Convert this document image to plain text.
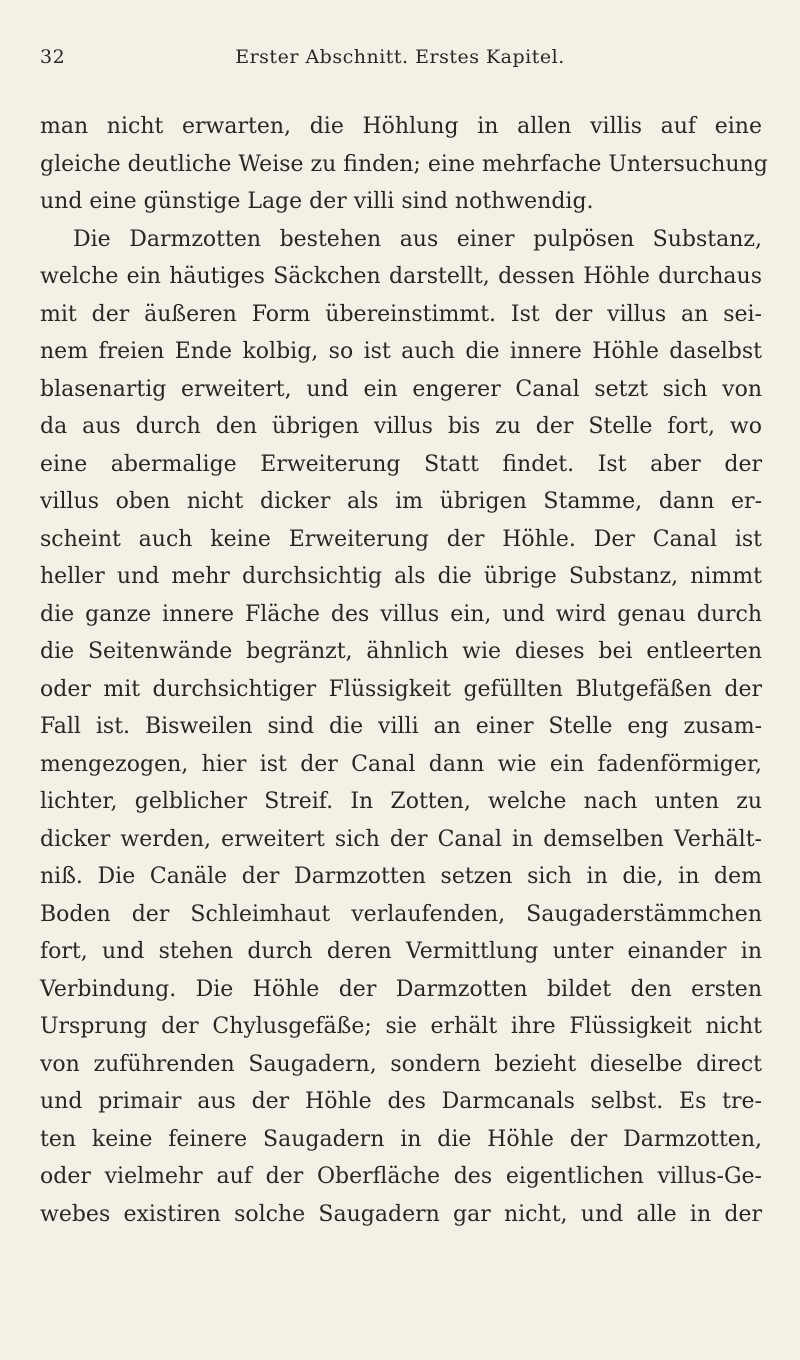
32	Erster Abschnitt. Erstes Kapitel.
man nicht erwarten, die Höhlung in allen villis auf eine
gleiche deutliche Weise zu finden; eine mehrfache Untersuchung
und eine günstige Lage der villi sind nothwendig.
Die Darmzotten bestehen aus einer pulpösen Substanz,
welche ein häutiges Säckchen darstellt, dessen Höhle durchaus
mit der äußeren Form übereinstimmt. Ist der villus an sei-
nem freien Ende kolbig, so ist auch die innere Höhle daselbst
blasenartig erweitert, und ein engerer Canal setzt sich von
da aus durch den übrigen villus bis zu der Stelle fort, wo
eine abermalige Erweiterung Statt findet. Ist aber der
villus oben nicht dicker als im übrigen Stamme, dann er-
scheint auch keine Erweiterung der Höhle. Der Canal ist
heller und mehr durchsichtig als die übrige Substanz, nimmt
die ganze innere Fläche des villus ein, und wird genau durch
die Seitenwände begränzt, ähnlich wie dieses bei entleerten
oder mit durchsichtiger Flüssigkeit gefüllten Blutgefäßen der
Fall ist. Bisweilen sind die villi an einer Stelle eng zusam-
mengezogen, hier ist der Canal dann wie ein fadenförmiger,
lichter, gelblicher Streif. In Zotten, welche nach unten zu
dicker werden, erweitert sich der Canal in demselben Verhält-
niß. Die Canäle der Darmzotten setzen sich in die, in dem
Boden der Schleimhaut verlaufenden, Saugaderstämmchen
fort, und stehen durch deren Vermittlung unter einander in
Verbindung. Die Höhle der Darmzotten bildet den ersten
Ursprung der Chylusgefäße; sie erhält ihre Flüssigkeit nicht
von zuführenden Saugadern, sondern bezieht dieselbe direct
und primair aus der Höhle des Darmcanals selbst. Es tre-
ten keine feinere Saugadern in die Höhle der Darmzotten,
oder vielmehr auf der Oberfläche des eigentlichen villus-Ge-
webes existiren solche Saugadern gar nicht, und alle in der
